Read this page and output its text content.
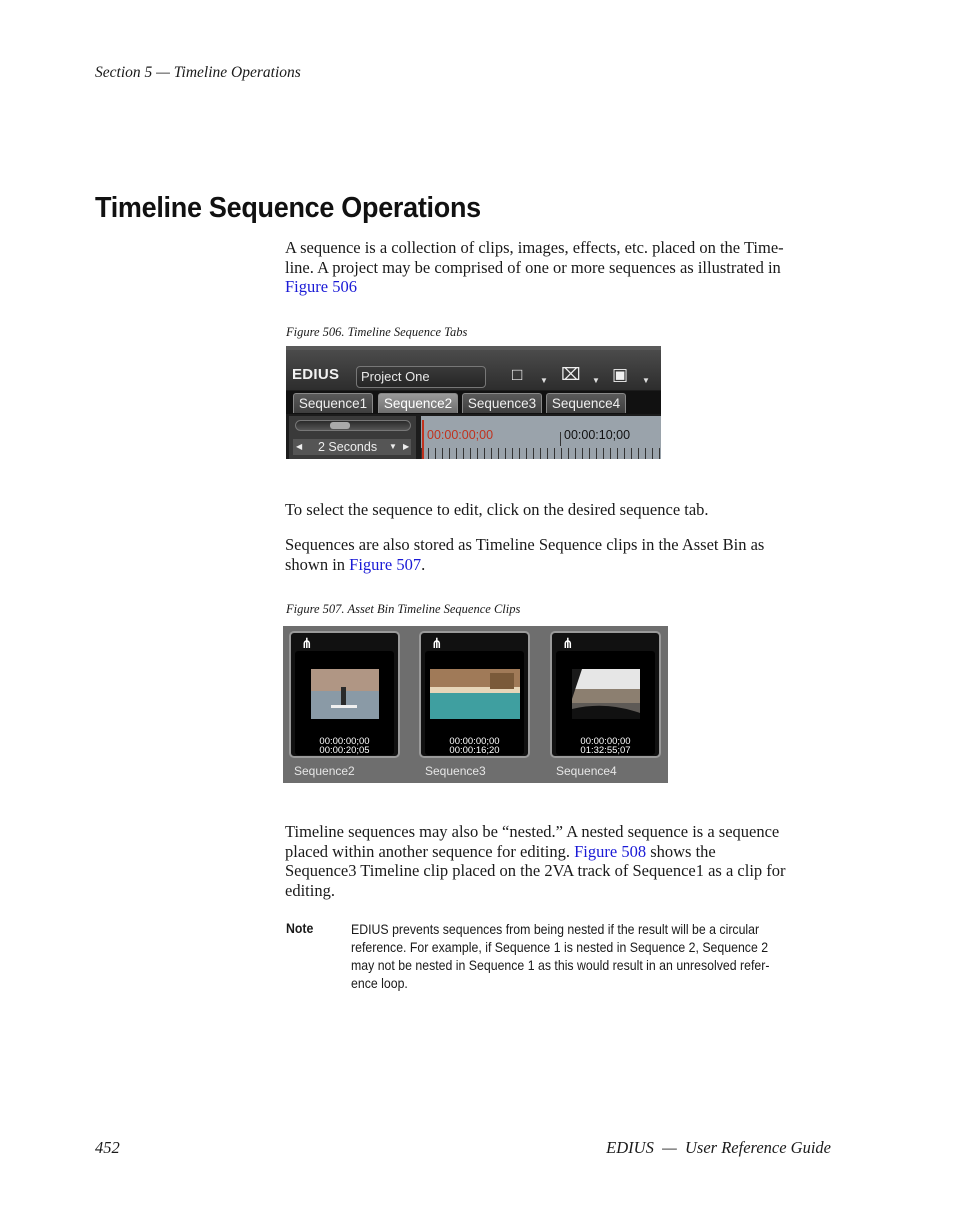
Section 5 — Timeline Operations
Timeline Sequence Operations

A sequence is a collection of clips, images, effects, etc. placed on the Time-
line. A project may be comprised of one or more sequences as illustrated in
Figure 506

Figure 506. Timeline Sequence Tabs
EDIUS	Project One	□ ▼ ⌧ ▼ ▣ ▼
Sequence1	Sequence2	Sequence3	Sequence4
◀ 2 Seconds ▼ ▶
00:00:00;00	00:00:10;00

To select the sequence to edit, click on the desired sequence tab.

Sequences are also stored as Timeline Sequence clips in the Asset Bin as
shown in Figure 507.

Figure 507. Asset Bin Timeline Sequence Clips
⋔
00:00:00;00
00:00:20;05
Sequence2
⋔
00:00:00;00
00:00:16;20
Sequence3
⋔
00:00:00;00
01:32:55;07
Sequence4

Timeline sequences may also be “nested.” A nested sequence is a sequence
placed within another sequence for editing. Figure 508 shows the
Sequence3 Timeline clip placed on the 2VA track of Sequence1 as a clip for
editing.

Note	EDIUS prevents sequences from being nested if the result will be a circular
reference. For example, if Sequence 1 is nested in Sequence 2, Sequence 2
may not be nested in Sequence 1 as this would result in an unresolved refer-
ence loop.

452	EDIUS  —  User Reference Guide
